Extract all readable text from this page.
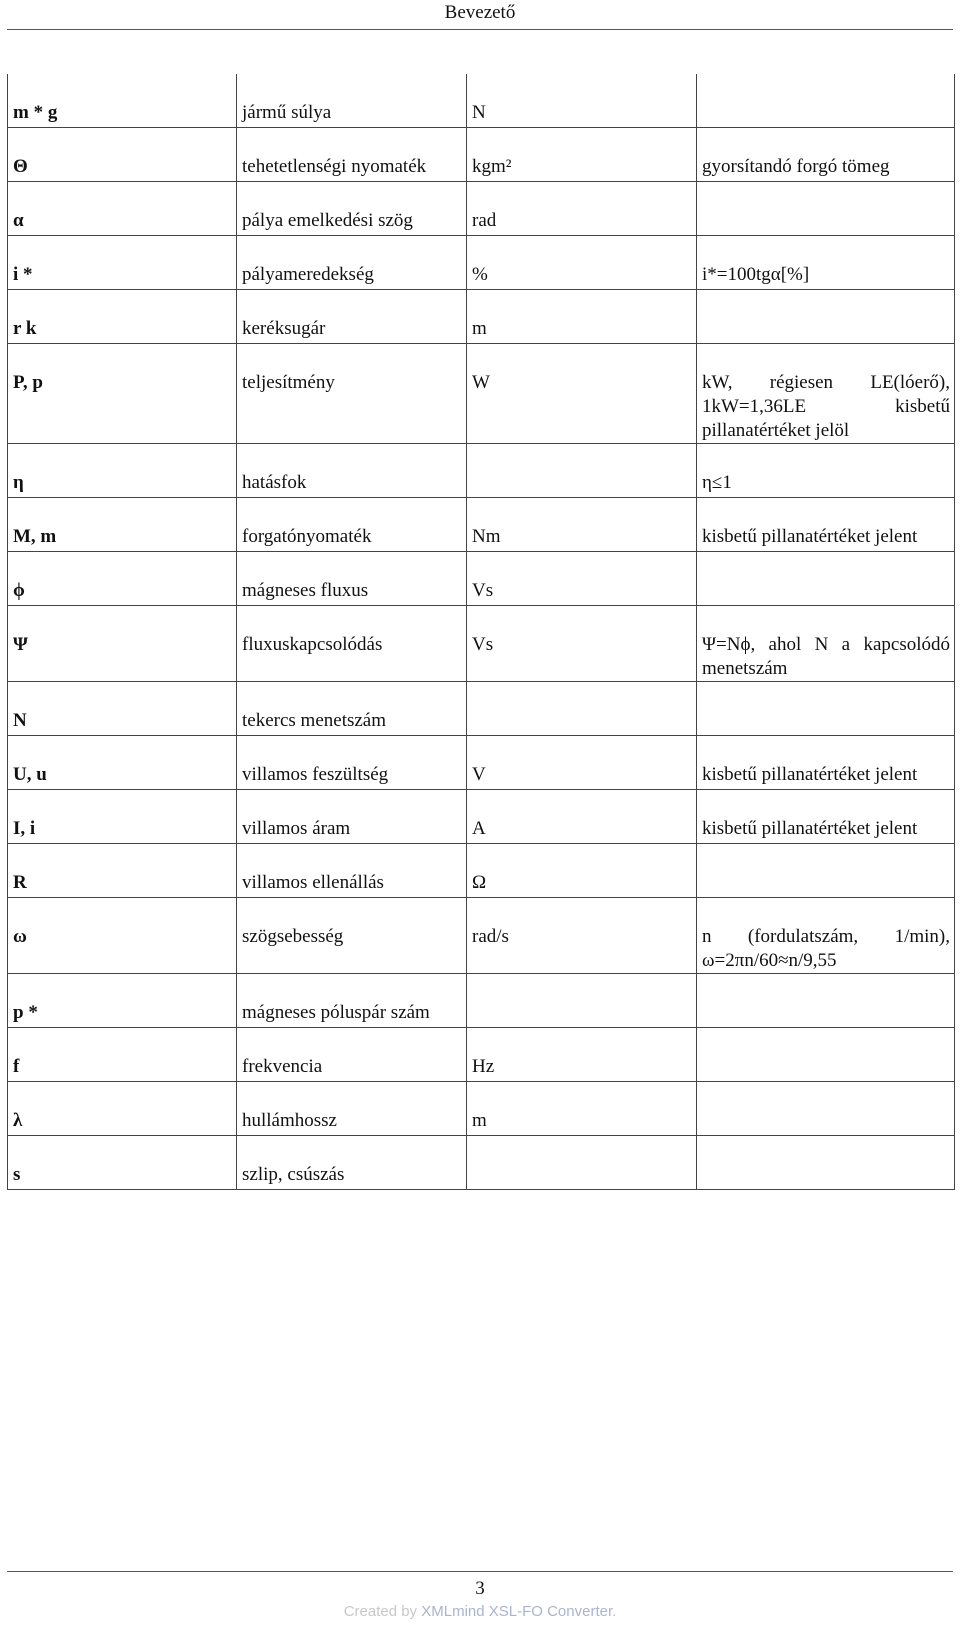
Bevezető
m * g	jármű súlya	N	
Θ	tehetetlenségi nyomaték	kgm²	gyorsítandó forgó tömeg
α	pálya emelkedési szög	rad	
i *	pályameredekség	%	i*=100tgα[%]
r k	keréksugár	m	
P, p	teljesítmény	W	kW, régiesen LE(lóerő), 1kW=1,36LE kisbetű pillanatértéket jelöl
η	hatásfok		η≤1
M, m	forgatónyomaték	Nm	kisbetű pillanatértéket jelent
ϕ	mágneses fluxus	Vs	
Ψ	fluxuskapcsolódás	Vs	Ψ=Nϕ, ahol N a kapcsolódó menetszám
N	tekercs menetszám		
U, u	villamos feszültség	V	kisbetű pillanatértéket jelent
I, i	villamos áram	A	kisbetű pillanatértéket jelent
R	villamos ellenállás	Ω	
ω	szögsebesség	rad/s	n (fordulatszám, 1/min), ω=2πn/60≈n/9,55
p *	mágneses póluspár szám		
f	frekvencia	Hz	
λ	hullámhossz	m	
s	szlip, csúszás		
3
Created by XMLmind XSL-FO Converter.
